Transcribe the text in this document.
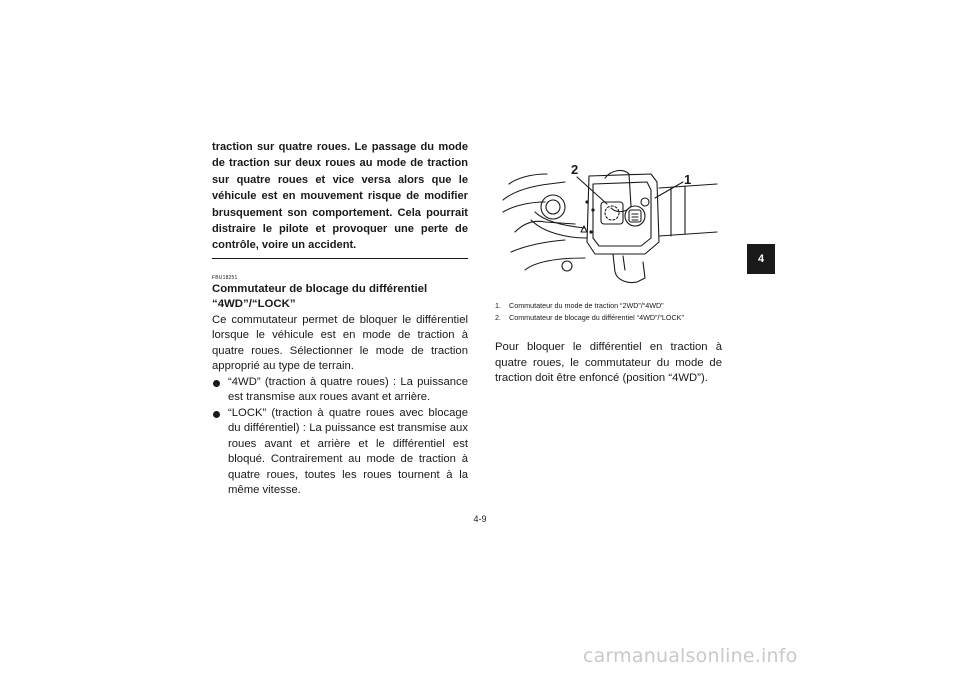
traction sur quatre roues. Le passage du mode de traction sur deux roues au mode de traction sur quatre roues et vice versa alors que le véhicule est en mouvement risque de modifier brusquement son comportement. Cela pourrait distraire le pilote et provoquer une perte de contrôle, voire un accident.

FBU18251
Commutateur de blocage du différentiel “4WD”/“LOCK”

Ce commutateur permet de bloquer le différentiel lorsque le véhicule est en mode de traction à quatre roues. Sélectionner le mode de traction approprié au type de terrain.

“4WD” (traction à quatre roues) : La puissance est transmise aux roues avant et arrière.
“LOCK” (traction à quatre roues avec blocage du différentiel) : La puissance est transmise aux roues avant et arrière et le différentiel est bloqué. Contrairement au mode de traction à quatre roues, toutes les roues tournent à la même vitesse.
2
1
1. Commutateur du mode de traction “2WD”/“4WD”
2. Commutateur de blocage du différentiel “4WD”/“LOCK”

Pour bloquer le différentiel en traction à quatre roues, le commutateur du mode de traction doit être enfoncé (position “4WD”).

4
4-9
carmanualsonline.info
